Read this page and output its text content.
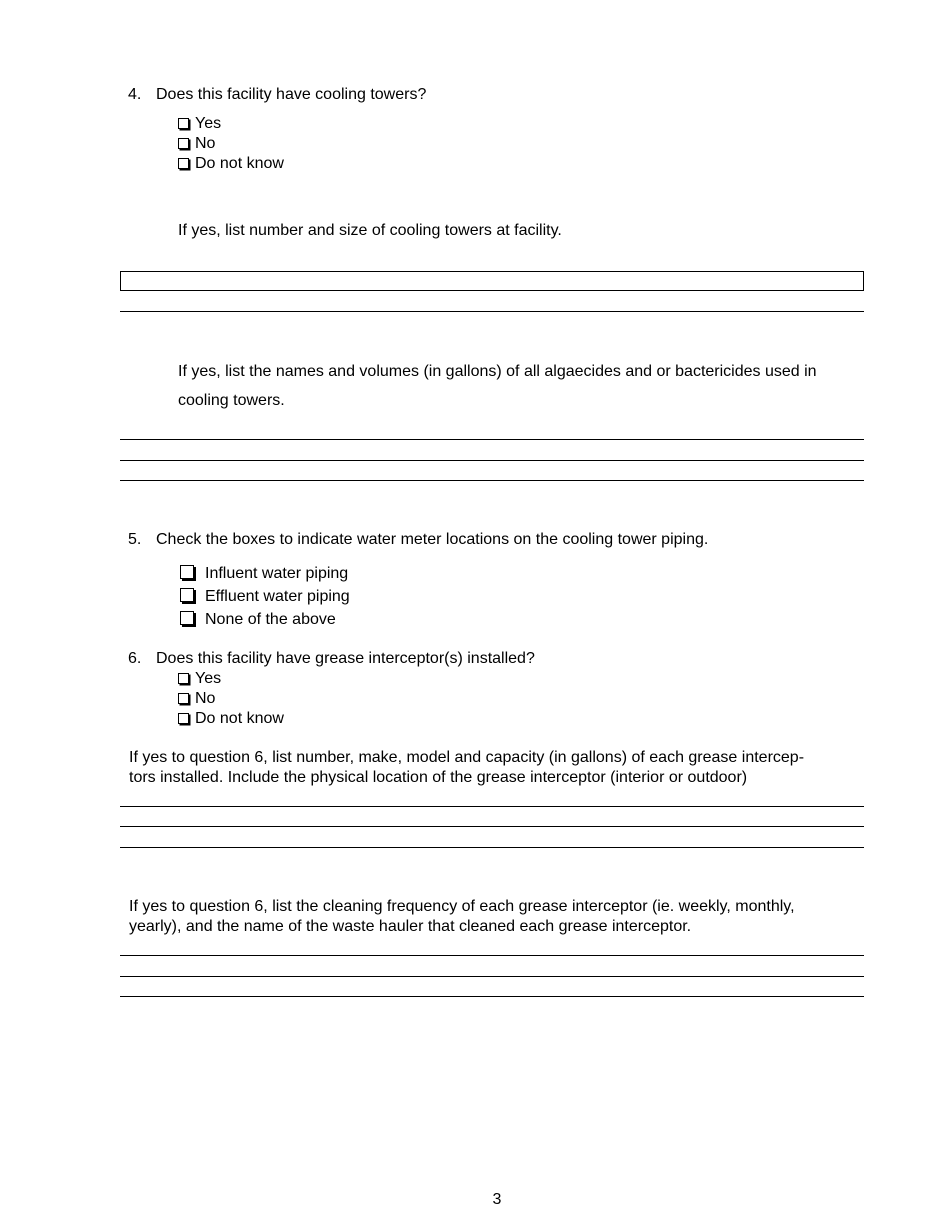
4. Does this facility have cooling towers?
Yes
No
Do not know
If yes, list number and size of cooling towers at facility.
If yes, list the names and volumes (in gallons) of all algaecides and or bactericides used in
cooling towers.
5. Check the boxes to indicate water meter locations on the cooling tower piping.
Influent water piping
Effluent water piping
None of the above
6. Does this facility have grease interceptor(s) installed?
Yes
No
Do not know
If yes to question 6, list number, make, model and capacity (in gallons) of each grease intercep-
tors installed. Include the physical location of the grease interceptor (interior or outdoor)
If yes to question 6, list the cleaning frequency of each grease interceptor (ie. weekly, monthly,
yearly), and the name of the waste hauler that cleaned each grease interceptor.
3
